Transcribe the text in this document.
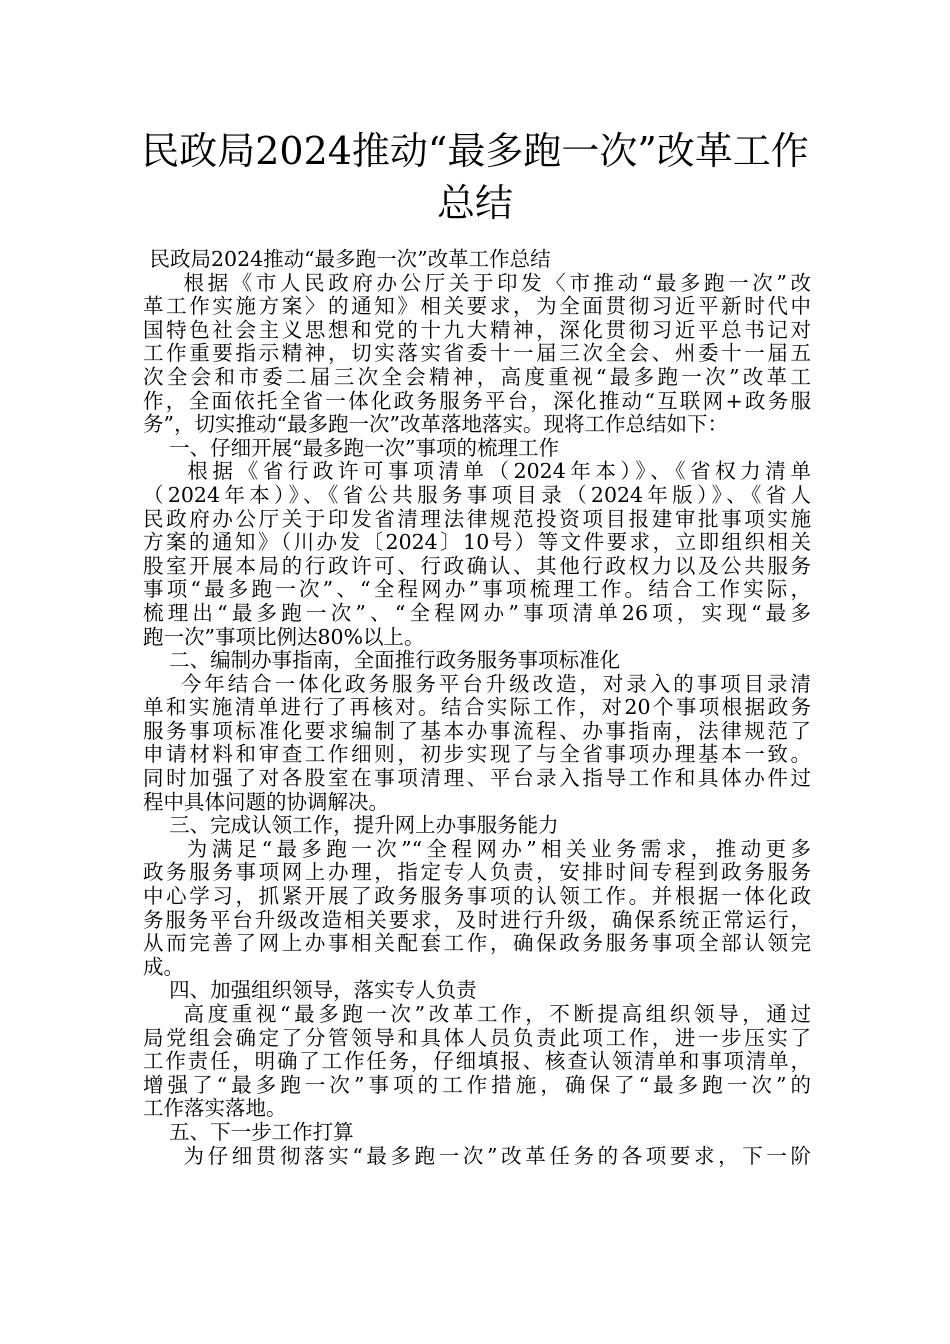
民政局2024推动“最多跑一次”改革工作
总结

民政局2024推动“最多跑一次”改革工作总结

根据《市人民政府办公厅关于印发〈市推动“最多跑一次”改

革工作实施方案〉的通知》相关要求，为全面贯彻习近平新时代中

国特色社会主义思想和党的十九大精神，深化贯彻习近平总书记对

工作重要指示精神，切实落实省委十一届三次全会、州委十一届五

次全会和市委二届三次全会精神，高度重视“最多跑一次”改革工

作，全面依托全省一体化政务服务平台，深化推动“互联网+政务服

务”，切实推动“最多跑一次”改革落地落实。现将工作总结如下：

一、仔细开展“最多跑一次”事项的梳理工作

根据《省行政许可事项清单（2024年本）》、《省权力清单

（2024年本）》、《省公共服务事项目录（2024年版）》、《省人

民政府办公厅关于印发省清理法律规范投资项目报建审批事项实施

方案的通知》（川办发〔2024〕10号）等文件要求，立即组织相关

股室开展本局的行政许可、行政确认、其他行政权力以及公共服务

事项“最多跑一次”、“全程网办”事项梳理工作。结合工作实际，

梳理出“最多跑一次”、“全程网办”事项清单26项，实现“最多

跑一次”事项比例达80%以上。

二、编制办事指南，全面推行政务服务事项标准化

今年结合一体化政务服务平台升级改造，对录入的事项目录清

单和实施清单进行了再核对。结合实际工作，对20个事项根据政务

服务事项标准化要求编制了基本办事流程、办事指南，法律规范了

申请材料和审查工作细则，初步实现了与全省事项办理基本一致。

同时加强了对各股室在事项清理、平台录入指导工作和具体办件过

程中具体问题的协调解决。

三、完成认领工作，提升网上办事服务能力

为满足“最多跑一次”“全程网办”相关业务需求，推动更多

政务服务事项网上办理，指定专人负责，安排时间专程到政务服务

中心学习，抓紧开展了政务服务事项的认领工作。并根据一体化政

务服务平台升级改造相关要求，及时进行升级，确保系统正常运行，

从而完善了网上办事相关配套工作，确保政务服务事项全部认领完

成。

四、加强组织领导，落实专人负责

高度重视“最多跑一次”改革工作，不断提高组织领导，通过

局党组会确定了分管领导和具体人员负责此项工作，进一步压实了

工作责任，明确了工作任务，仔细填报、核查认领清单和事项清单，

增强了“最多跑一次”事项的工作措施，确保了“最多跑一次”的

工作落实落地。

五、下一步工作打算

为仔细贯彻落实“最多跑一次”改革任务的各项要求，下一阶
